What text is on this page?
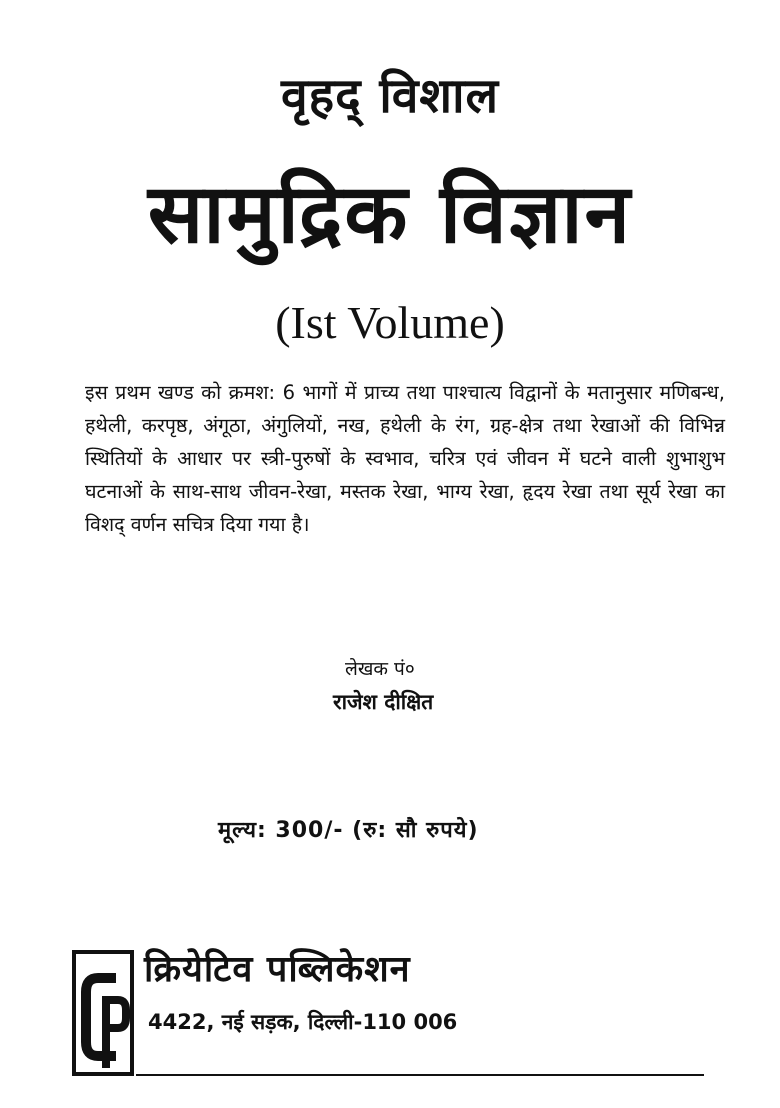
वृहद् विशाल
सामुद्रिक विज्ञान
(Ist Volume)
इस प्रथम खण्ड को क्रमश: 6 भागों में प्राच्य तथा पाश्चात्य विद्वानों के मतानुसार मणिबन्ध, हथेली, करपृष्ठ, अंगूठा, अंगुलियों, नख, हथेली के रंग, ग्रह-क्षेत्र तथा रेखाओं की विभिन्न स्थितियों के आधार पर स्त्री-पुरुषों के स्वभाव, चरित्र एवं जीवन में घटने वाली शुभाशुभ घटनाओं के साथ-साथ जीवन-रेखा, मस्तक रेखा, भाग्य रेखा, हृदय रेखा तथा सूर्य रेखा का विशद् वर्णन सचित्र दिया गया है।
लेखक पं०
राजेश दीक्षित
मूल्य: 300/- (रु: सौ रुपये)
क्रियेटिव पब्लिकेशन
4422, नई सड़क, दिल्ली-110 006
